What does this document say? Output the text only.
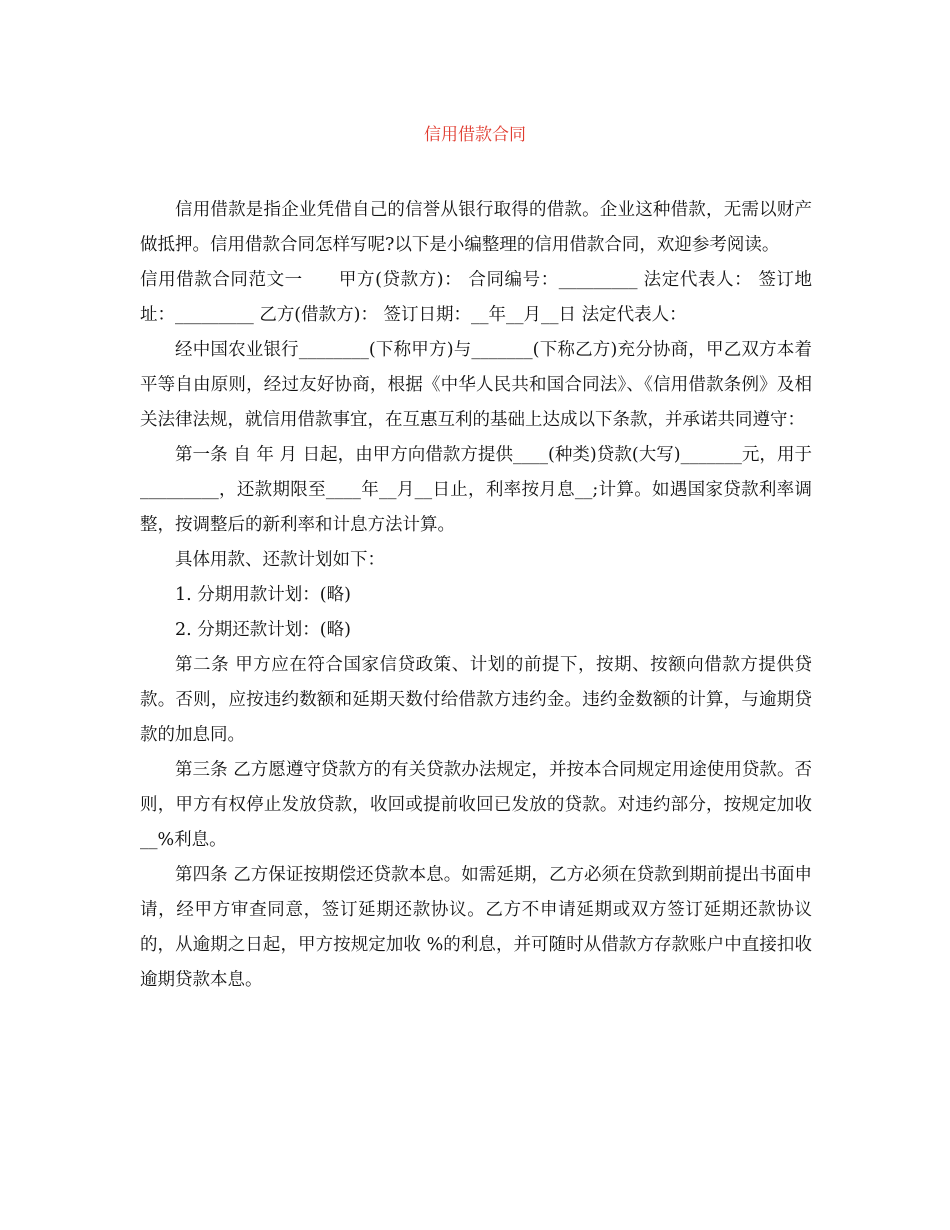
信用借款合同

信用借款是指企业凭借自己的信誉从银行取得的借款。企业这种借款，无需以财产做抵押。信用借款合同怎样写呢?以下是小编整理的信用借款合同，欢迎参考阅读。

信用借款合同范文一　　甲方(贷款方)： 合同编号：_________ 法定代表人： 签订地址：_________ 乙方(借款方)： 签订日期：__年__月__日 法定代表人：

经中国农业银行________(下称甲方)与_______(下称乙方)充分协商，甲乙双方本着平等自由原则，经过友好协商，根据《中华人民共和国合同法》、《信用借款条例》及相关法律法规，就信用借款事宜，在互惠互利的基础上达成以下条款，并承诺共同遵守：

第一条 自 年 月 日起，由甲方向借款方提供____(种类)贷款(大写)_______元，用于_________，还款期限至____年__月__日止，利率按月息__;计算。如遇国家贷款利率调整，按调整后的新利率和计息方法计算。

具体用款、还款计划如下：

1. 分期用款计划：(略)

2. 分期还款计划：(略)

第二条 甲方应在符合国家信贷政策、计划的前提下，按期、按额向借款方提供贷款。否则，应按违约数额和延期天数付给借款方违约金。违约金数额的计算，与逾期贷款的加息同。

第三条 乙方愿遵守贷款方的有关贷款办法规定，并按本合同规定用途使用贷款。否则，甲方有权停止发放贷款，收回或提前收回已发放的贷款。对违约部分，按规定加收__%利息。

第四条 乙方保证按期偿还贷款本息。如需延期，乙方必须在贷款到期前提出书面申请，经甲方审查同意，签订延期还款协议。乙方不申请延期或双方签订延期还款协议的，从逾期之日起，甲方按规定加收 %的利息，并可随时从借款方存款账户中直接扣收逾期贷款本息。
